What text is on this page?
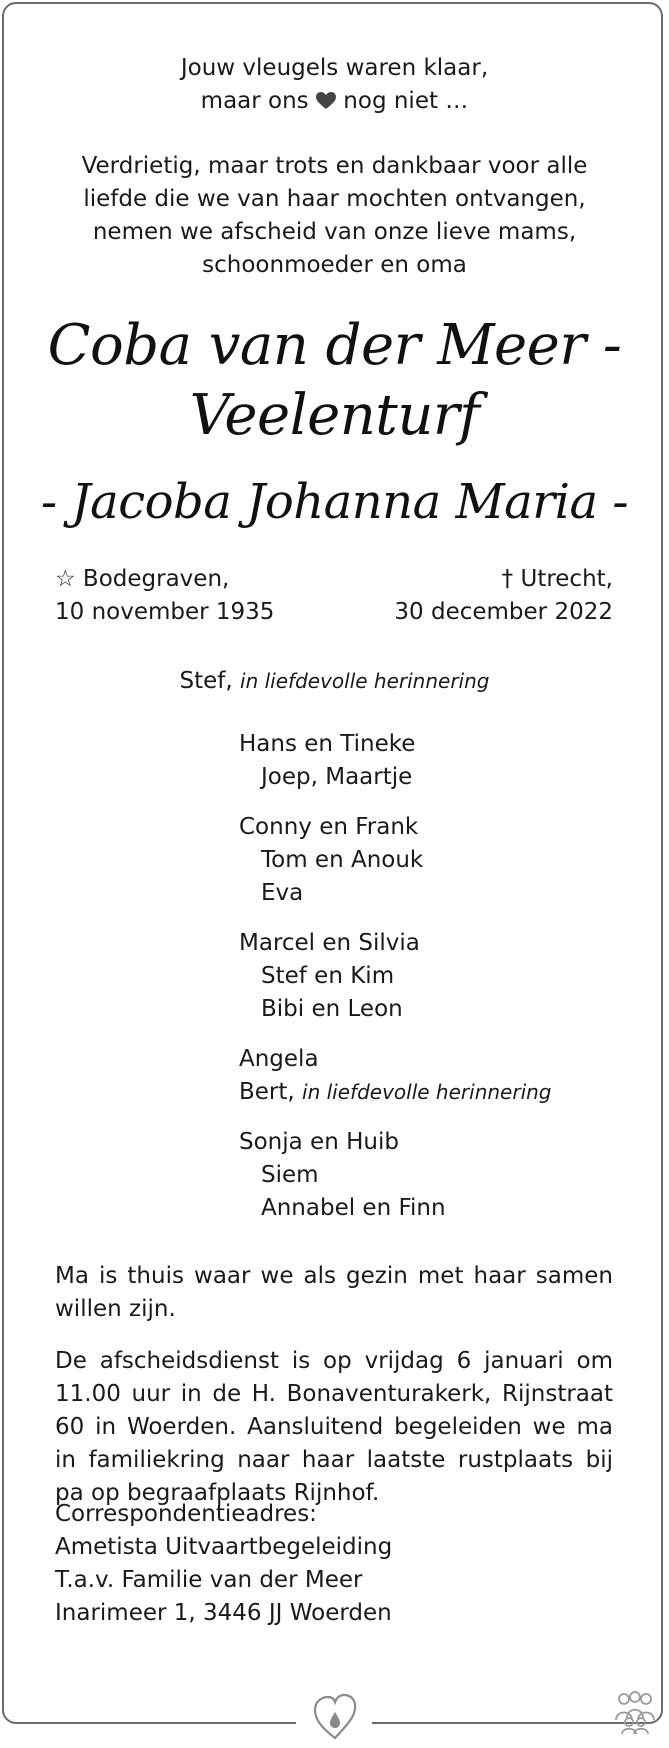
Jouw vleugels waren klaar,
maar ons nog niet …
Verdrietig, maar trots en dankbaar voor alle
liefde die we van haar mochten ontvangen,
nemen we afscheid van onze lieve mams,
schoonmoeder en oma
Coba van der Meer -
Veelenturf
- Jacoba Johanna Maria -
☆ Bodegraven,
10 november 1935
† Utrecht,
30 december 2022
Stef, in liefdevolle herinnering
Hans en Tineke
Joep, Maartje
Conny en Frank
Tom en Anouk
Eva
Marcel en Silvia
Stef en Kim
Bibi en Leon
Angela
Bert, in liefdevolle herinnering
Sonja en Huib
Siem
Annabel en Finn
Ma is thuis waar we als gezin met haar samen willen zijn.
De afscheidsdienst is op vrijdag 6 januari om 11.00 uur in de H. Bonaventurakerk, Rijnstraat 60 in Woerden. Aansluitend begeleiden we ma in familiekring naar haar laatste rustplaats bij pa op begraafplaats Rijnhof.
Correspondentieadres:
Ametista Uitvaartbegeleiding
T.a.v. Familie van der Meer
Inarimeer 1, 3446 JJ Woerden
